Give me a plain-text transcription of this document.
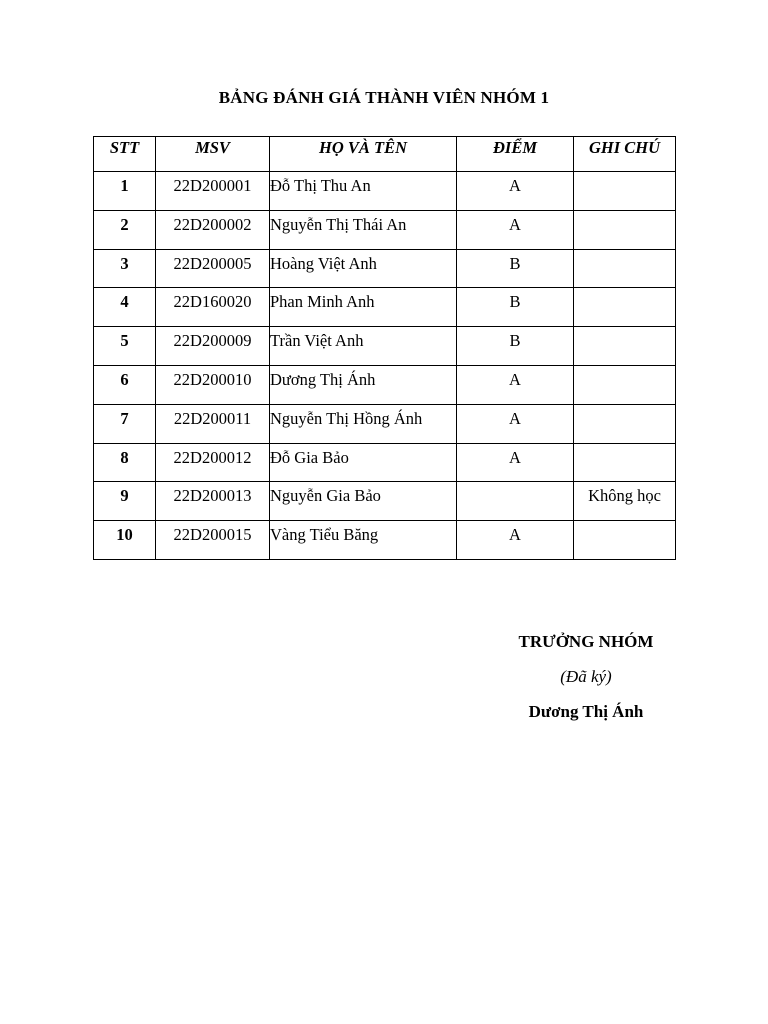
BẢNG ĐÁNH GIÁ THÀNH VIÊN NHÓM 1
STT	MSV	HỌ VÀ TÊN	ĐIỂM	GHI CHÚ
1	22D200001	Đỗ Thị Thu An	A	
2	22D200002	Nguyễn Thị Thái An	A	
3	22D200005	Hoàng Việt Anh	B	
4	22D160020	Phan Minh Anh	B	
5	22D200009	Trần Việt Anh	B	
6	22D200010	Dương Thị Ánh	A	
7	22D200011	Nguyễn Thị Hồng Ánh	A	
8	22D200012	Đỗ Gia Bảo	A	
9	22D200013	Nguyễn Gia Bảo		Không học
10	22D200015	Vàng Tiểu Băng	A	
TRƯỞNG NHÓM
(Đã ký)
Dương Thị Ánh
